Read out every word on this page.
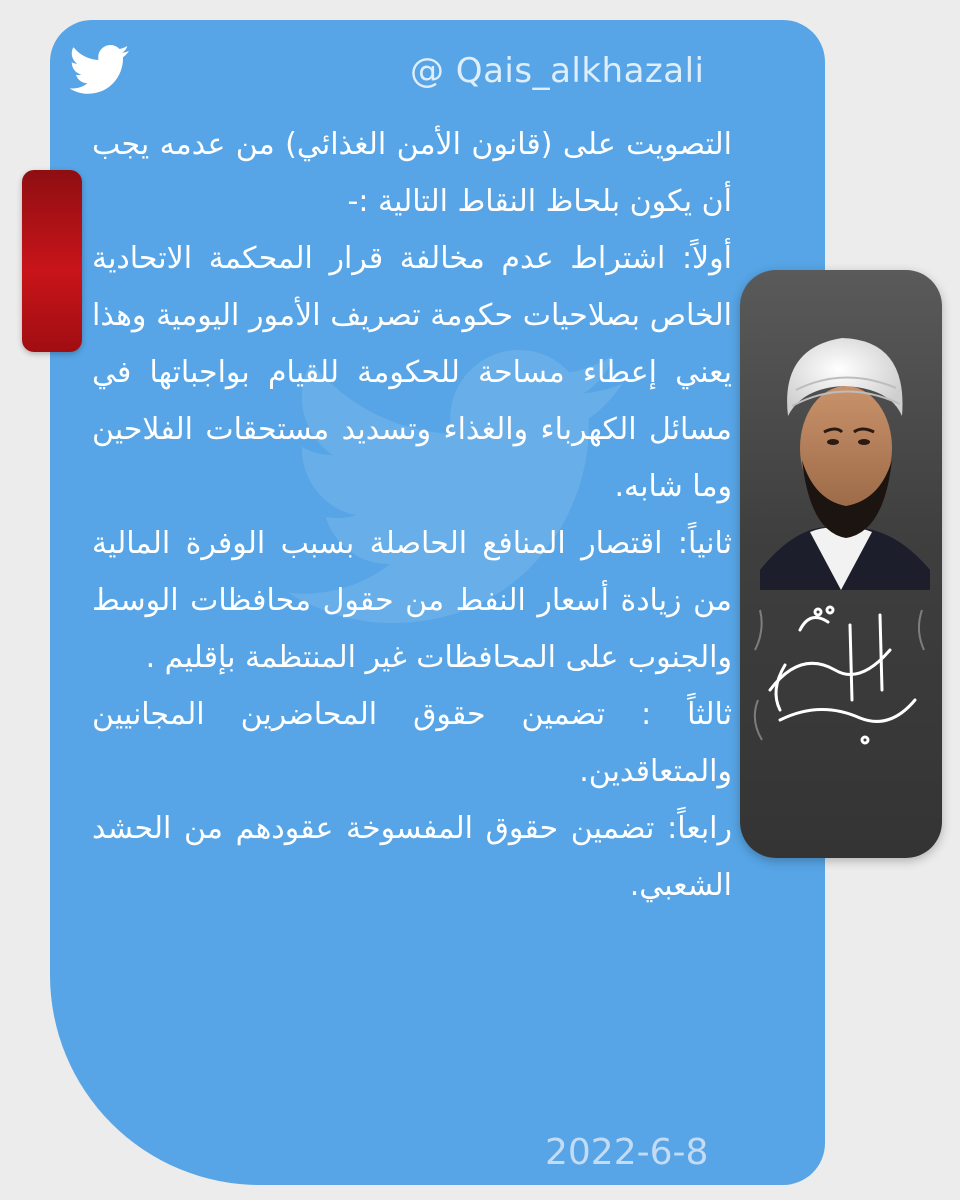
@ Qais_alkhazali

التصويت على (قانون الأمن الغذائي) من عدمه يجب أن يكون بلحاظ النقاط التالية :-

أولاً: اشتراط عدم مخالفة قرار المحكمة الاتحادية الخاص بصلاحيات حكومة تصريف الأمور اليومية وهذا يعني إعطاء مساحة للحكومة للقيام بواجباتها في مسائل الكهرباء والغذاء وتسديد مستحقات الفلاحين وما شابه.

ثانياً: اقتصار المنافع الحاصلة بسبب الوفرة المالية من زيادة أسعار النفط من حقول محافظات الوسط والجنوب على المحافظات غير المنتظمة بإقليم .

ثالثاً : تضمين حقوق المحاضرين المجانيين والمتعاقدين.

رابعاً: تضمين حقوق المفسوخة عقودهم من الحشد الشعبي.

2022-6-8
